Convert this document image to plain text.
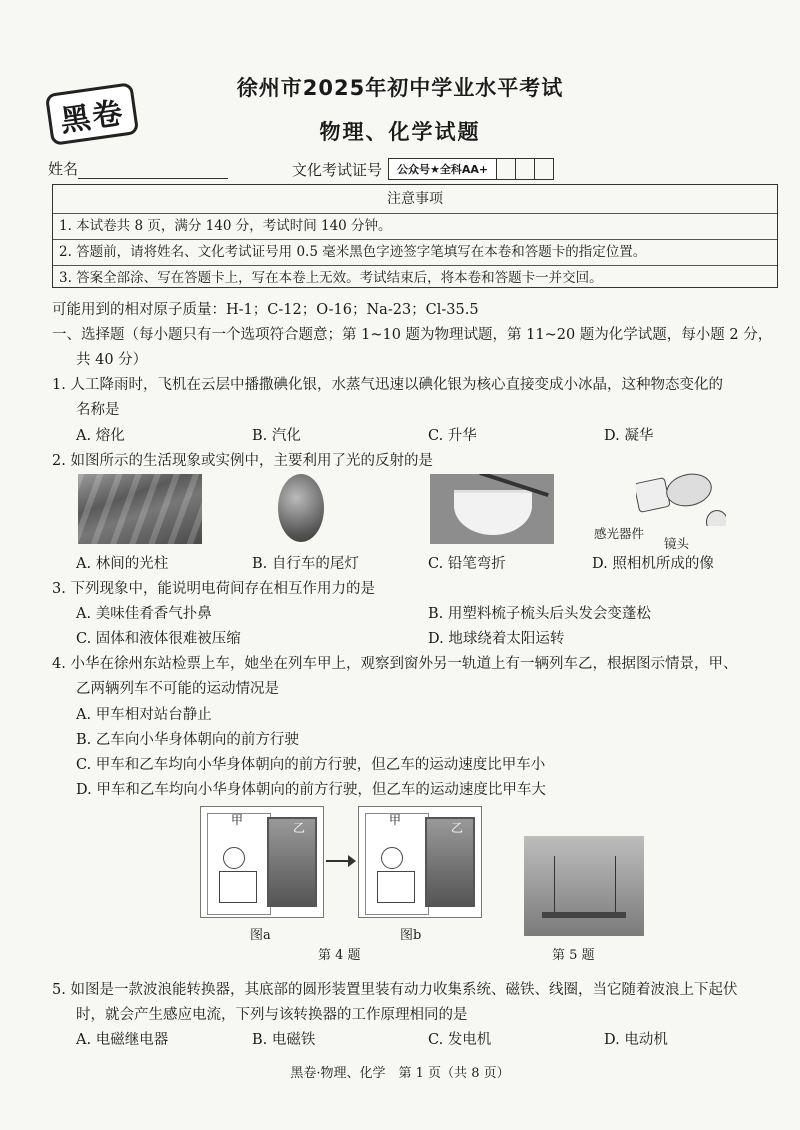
黑卷
徐州市2025年初中学业水平考试
物理、化学试题
姓名	文化考试证号	公众号★全科AA+
注意事项
1. 本试卷共 8 页，满分 140 分，考试时间 140 分钟。
2. 答题前，请将姓名、文化考试证号用 0.5 毫米黑色字迹签字笔填写在本卷和答题卡的指定位置。
3. 答案全部涂、写在答题卡上，写在本卷上无效。考试结束后，将本卷和答题卡一并交回。
可能用到的相对原子质量：H-1；C-12；O-16；Na-23；Cl-35.5
一、选择题（每小题只有一个选项符合题意；第 1~10 题为物理试题，第 11~20 题为化学试题，每小题 2 分，
共 40 分）
1. 人工降雨时，飞机在云层中播撒碘化银，水蒸气迅速以碘化银为核心直接变成小冰晶，这种物态变化的
名称是
A. 熔化	B. 汽化	C. 升华	D. 凝华
2. 如图所示的生活现象或实例中，主要利用了光的反射的是
感光器件
镜头
A. 林间的光柱	B. 自行车的尾灯	C. 铅笔弯折	D. 照相机所成的像
3. 下列现象中，能说明电荷间存在相互作用力的是
A. 美味佳肴香气扑鼻	B. 用塑料梳子梳头后头发会变蓬松
C. 固体和液体很难被压缩	D. 地球绕着太阳运转
4. 小华在徐州东站检票上车，她坐在列车甲上，观察到窗外另一轨道上有一辆列车乙，根据图示情景，甲、
乙两辆列车不可能的运动情况是
A. 甲车相对站台静止
B. 乙车向小华身体朝向的前方行驶
C. 甲车和乙车均向小华身体朝向的前方行驶，但乙车的运动速度比甲车小
D. 甲车和乙车均向小华身体朝向的前方行驶，但乙车的运动速度比甲车大
甲
乙
甲
乙
图a	图b
第 4 题	第 5 题
5. 如图是一款波浪能转换器，其底部的圆形装置里装有动力收集系统、磁铁、线圈，当它随着波浪上下起伏
时，就会产生感应电流，下列与该转换器的工作原理相同的是
A. 电磁继电器	B. 电磁铁	C. 发电机	D. 电动机
黑卷·物理、化学　第 1 页（共 8 页）
